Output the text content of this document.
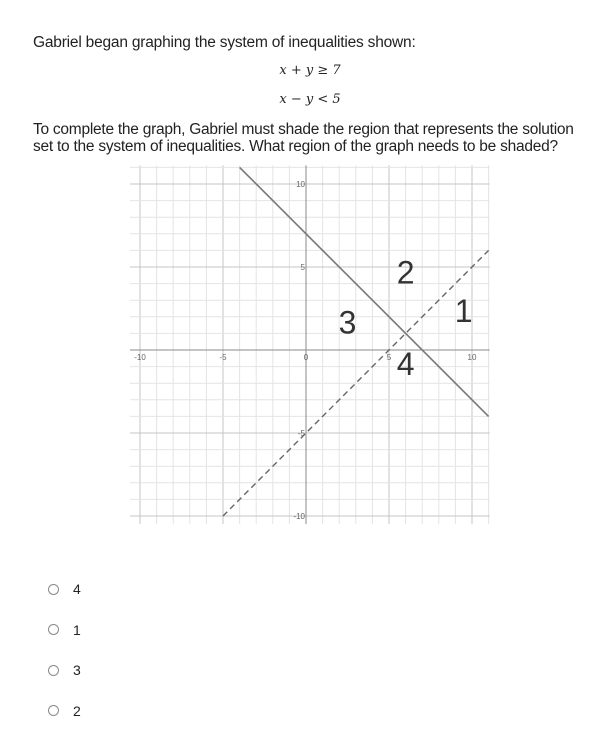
Gabriel began graphing the system of inequalities shown:
x + y ≥ 7
x − y < 5
To complete the graph, Gabriel must shade the region that represents the solution set to the system of inequalities. What region of the graph needs to be shaded?
-10	-5	0	5	10
10
5
-5
-10
2
1
3
4
4
1
3
2
